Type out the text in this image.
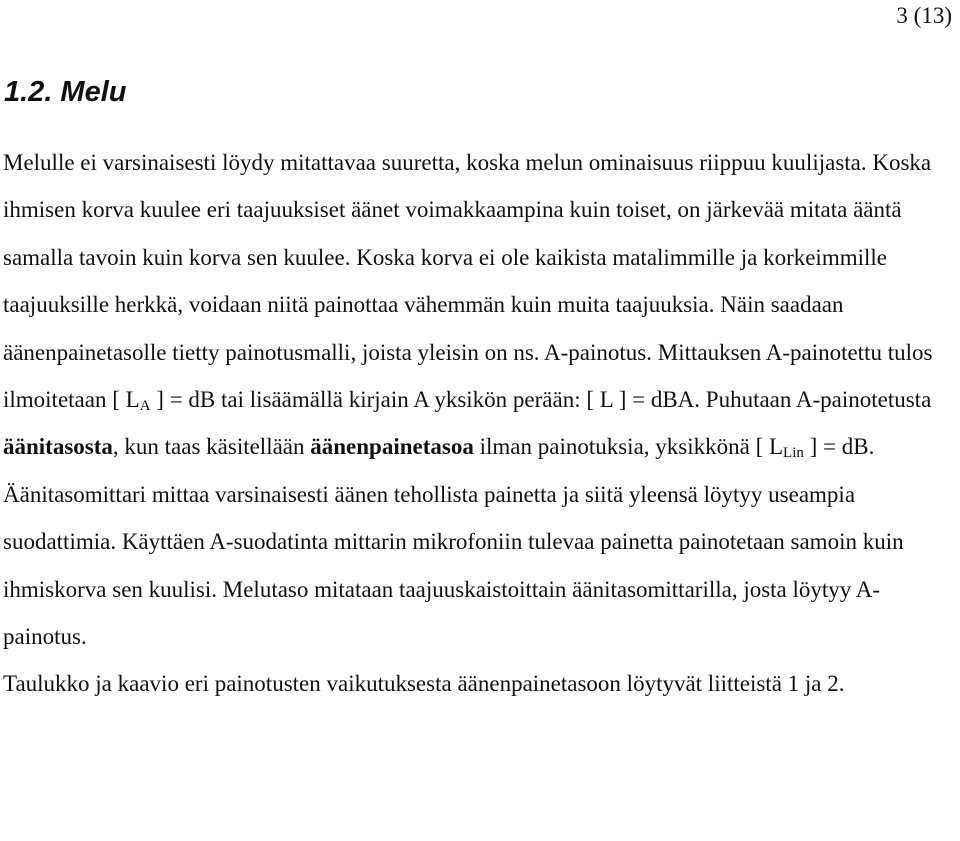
3 (13)
1.2. Melu

Melulle ei varsinaisesti löydy mitattavaa suuretta, koska melun ominaisuus riippuu kuulijasta. Koska ihmisen korva kuulee eri taajuuksiset äänet voimakkaampina kuin toiset, on järkevää mitata ääntä samalla tavoin kuin korva sen kuulee. Koska korva ei ole kaikista matalimmille ja korkeimmille taajuuksille herkkä, voidaan niitä painottaa vähemmän kuin muita taajuuksia. Näin saadaan äänenpainetasolle tietty painotusmalli, joista yleisin on ns. A-painotus. Mittauksen A-painotettu tulos ilmoitetaan [ $L_A$ ] = dB tai lisäämällä kirjain A yksikön perään: [ L ] = dBA. Puhutaan A-painotetusta äänitasosta, kun taas käsitellään äänenpainetasoa ilman painotuksia, yksikkönä [ $L_{Lin}$ ] = dB.

Äänitasomittari mittaa varsinaisesti äänen tehollista painetta ja siitä yleensä löytyy useampia suodattimia. Käyttäen A-suodatinta mittarin mikrofoniin tulevaa painetta painotetaan samoin kuin ihmiskorva sen kuulisi. Melutaso mitataan taajuuskaistoittain äänitasomittarilla, josta löytyy A-painotus.

Taulukko ja kaavio eri painotusten vaikutuksesta äänenpainetasoon löytyvät liitteistä 1 ja 2.
